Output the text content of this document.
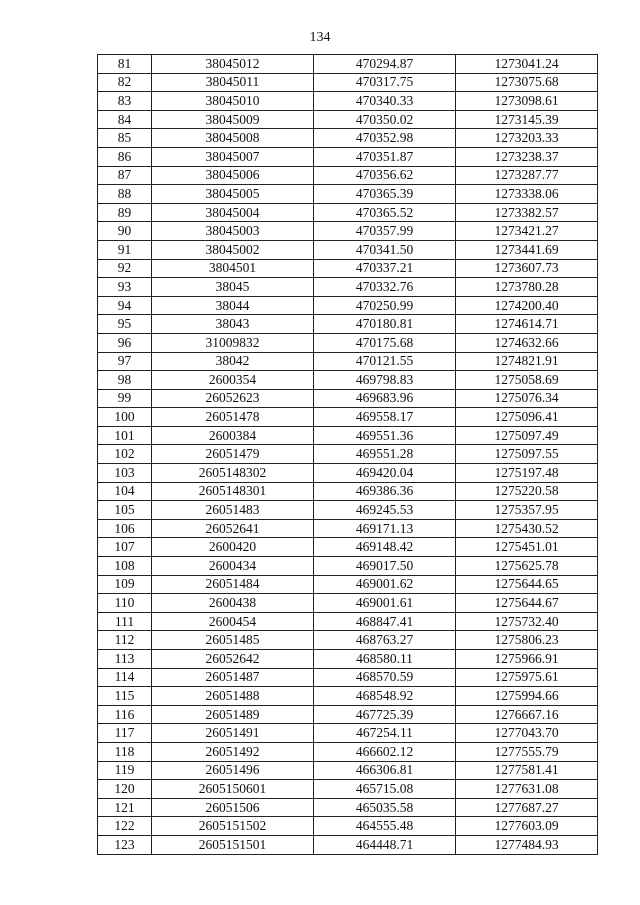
134
81	38045012	470294.87	1273041.24
82	38045011	470317.75	1273075.68
83	38045010	470340.33	1273098.61
84	38045009	470350.02	1273145.39
85	38045008	470352.98	1273203.33
86	38045007	470351.87	1273238.37
87	38045006	470356.62	1273287.77
88	38045005	470365.39	1273338.06
89	38045004	470365.52	1273382.57
90	38045003	470357.99	1273421.27
91	38045002	470341.50	1273441.69
92	3804501	470337.21	1273607.73
93	38045	470332.76	1273780.28
94	38044	470250.99	1274200.40
95	38043	470180.81	1274614.71
96	31009832	470175.68	1274632.66
97	38042	470121.55	1274821.91
98	2600354	469798.83	1275058.69
99	26052623	469683.96	1275076.34
100	26051478	469558.17	1275096.41
101	2600384	469551.36	1275097.49
102	26051479	469551.28	1275097.55
103	2605148302	469420.04	1275197.48
104	2605148301	469386.36	1275220.58
105	26051483	469245.53	1275357.95
106	26052641	469171.13	1275430.52
107	2600420	469148.42	1275451.01
108	2600434	469017.50	1275625.78
109	26051484	469001.62	1275644.65
110	2600438	469001.61	1275644.67
111	2600454	468847.41	1275732.40
112	26051485	468763.27	1275806.23
113	26052642	468580.11	1275966.91
114	26051487	468570.59	1275975.61
115	26051488	468548.92	1275994.66
116	26051489	467725.39	1276667.16
117	26051491	467254.11	1277043.70
118	26051492	466602.12	1277555.79
119	26051496	466306.81	1277581.41
120	2605150601	465715.08	1277631.08
121	26051506	465035.58	1277687.27
122	2605151502	464555.48	1277603.09
123	2605151501	464448.71	1277484.93
